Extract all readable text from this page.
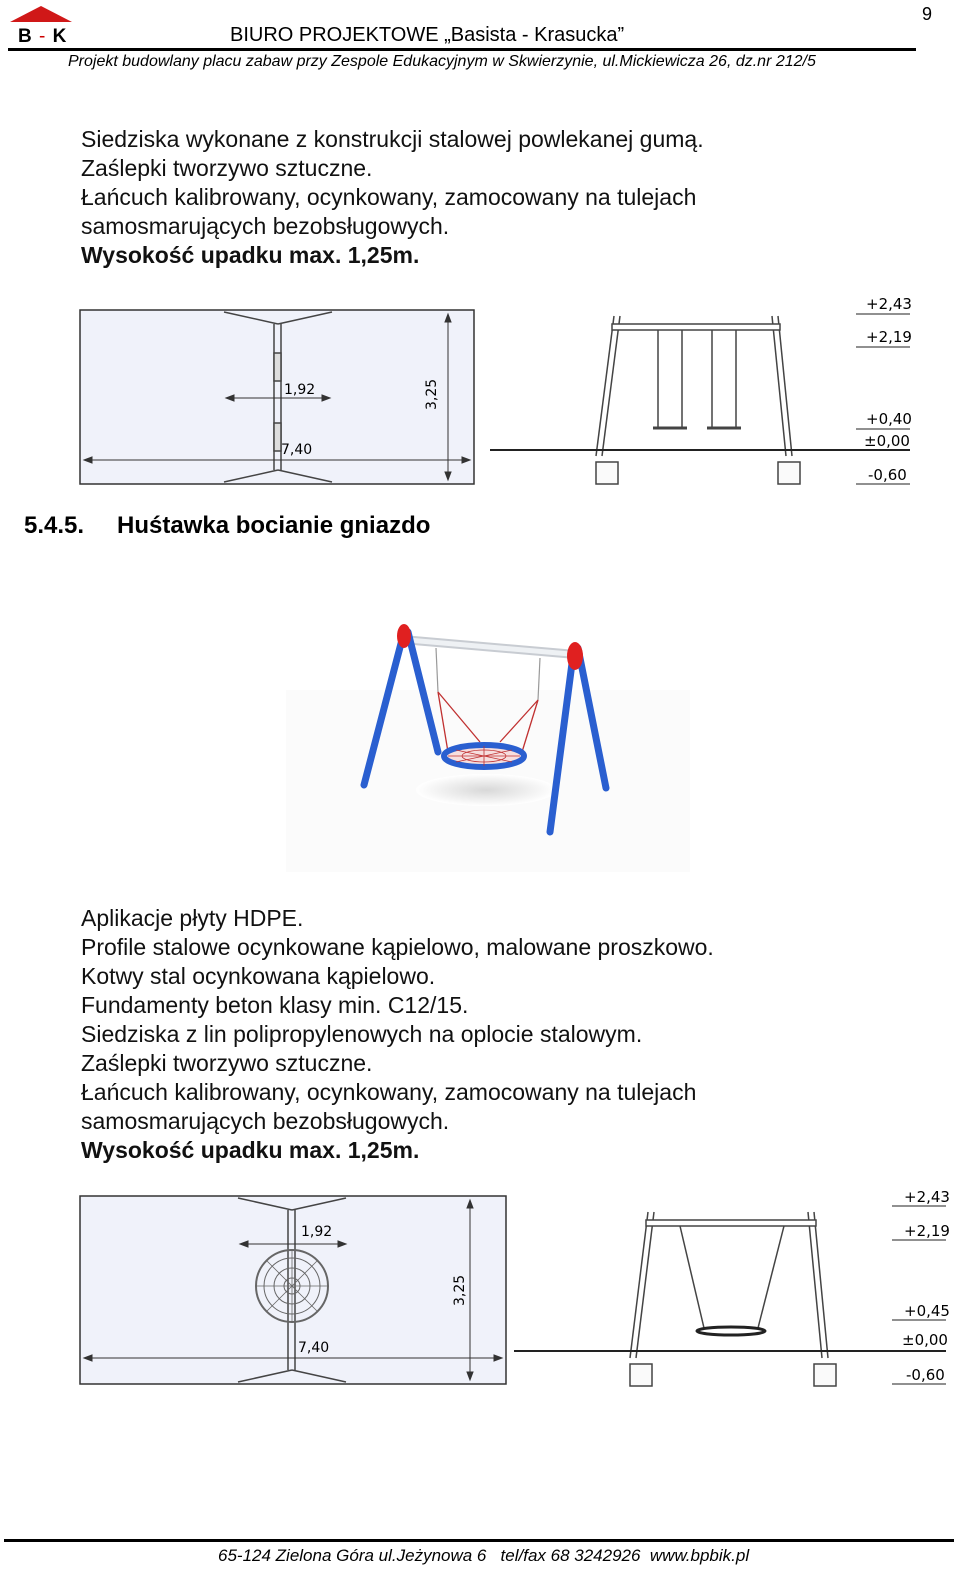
9
B - K	BIURO PROJEKTOWE „Basista - Krasucka”
Projekt budowlany placu zabaw przy Zespole Edukacyjnym w Skwierzynie, ul.Mickiewicza 26, dz.nr 212/5
Siedziska wykonane z konstrukcji stalowej powlekanej gumą.
Zaślepki tworzywo sztuczne.
Łańcuch kalibrowany, ocynkowany, zamocowany na tulejach
samosmarujących bezobsługowych.
Wysokość upadku max. 1,25m.
1,92
7,40
3,25
+2,43
+2,19
+0,40
±0,00
-0,60
5.4.5. Huśtawka bocianie gniazdo
Aplikacje płyty HDPE.
Profile stalowe ocynkowane kąpielowo, malowane proszkowo.
Kotwy stal ocynkowana kąpielowo.
Fundamenty beton klasy min. C12/15.
Siedziska z lin polipropylenowych na oplocie stalowym.
Zaślepki tworzywo sztuczne.
Łańcuch kalibrowany, ocynkowany, zamocowany na tulejach
samosmarujących bezobsługowych.
Wysokość upadku max. 1,25m.
1,92
7,40
3,25
+2,43
+2,19
+0,45
±0,00
-0,60
65-124 Zielona Góra ul.Jeżynowa 6   tel/fax 68 3242926  www.bpbik.pl
